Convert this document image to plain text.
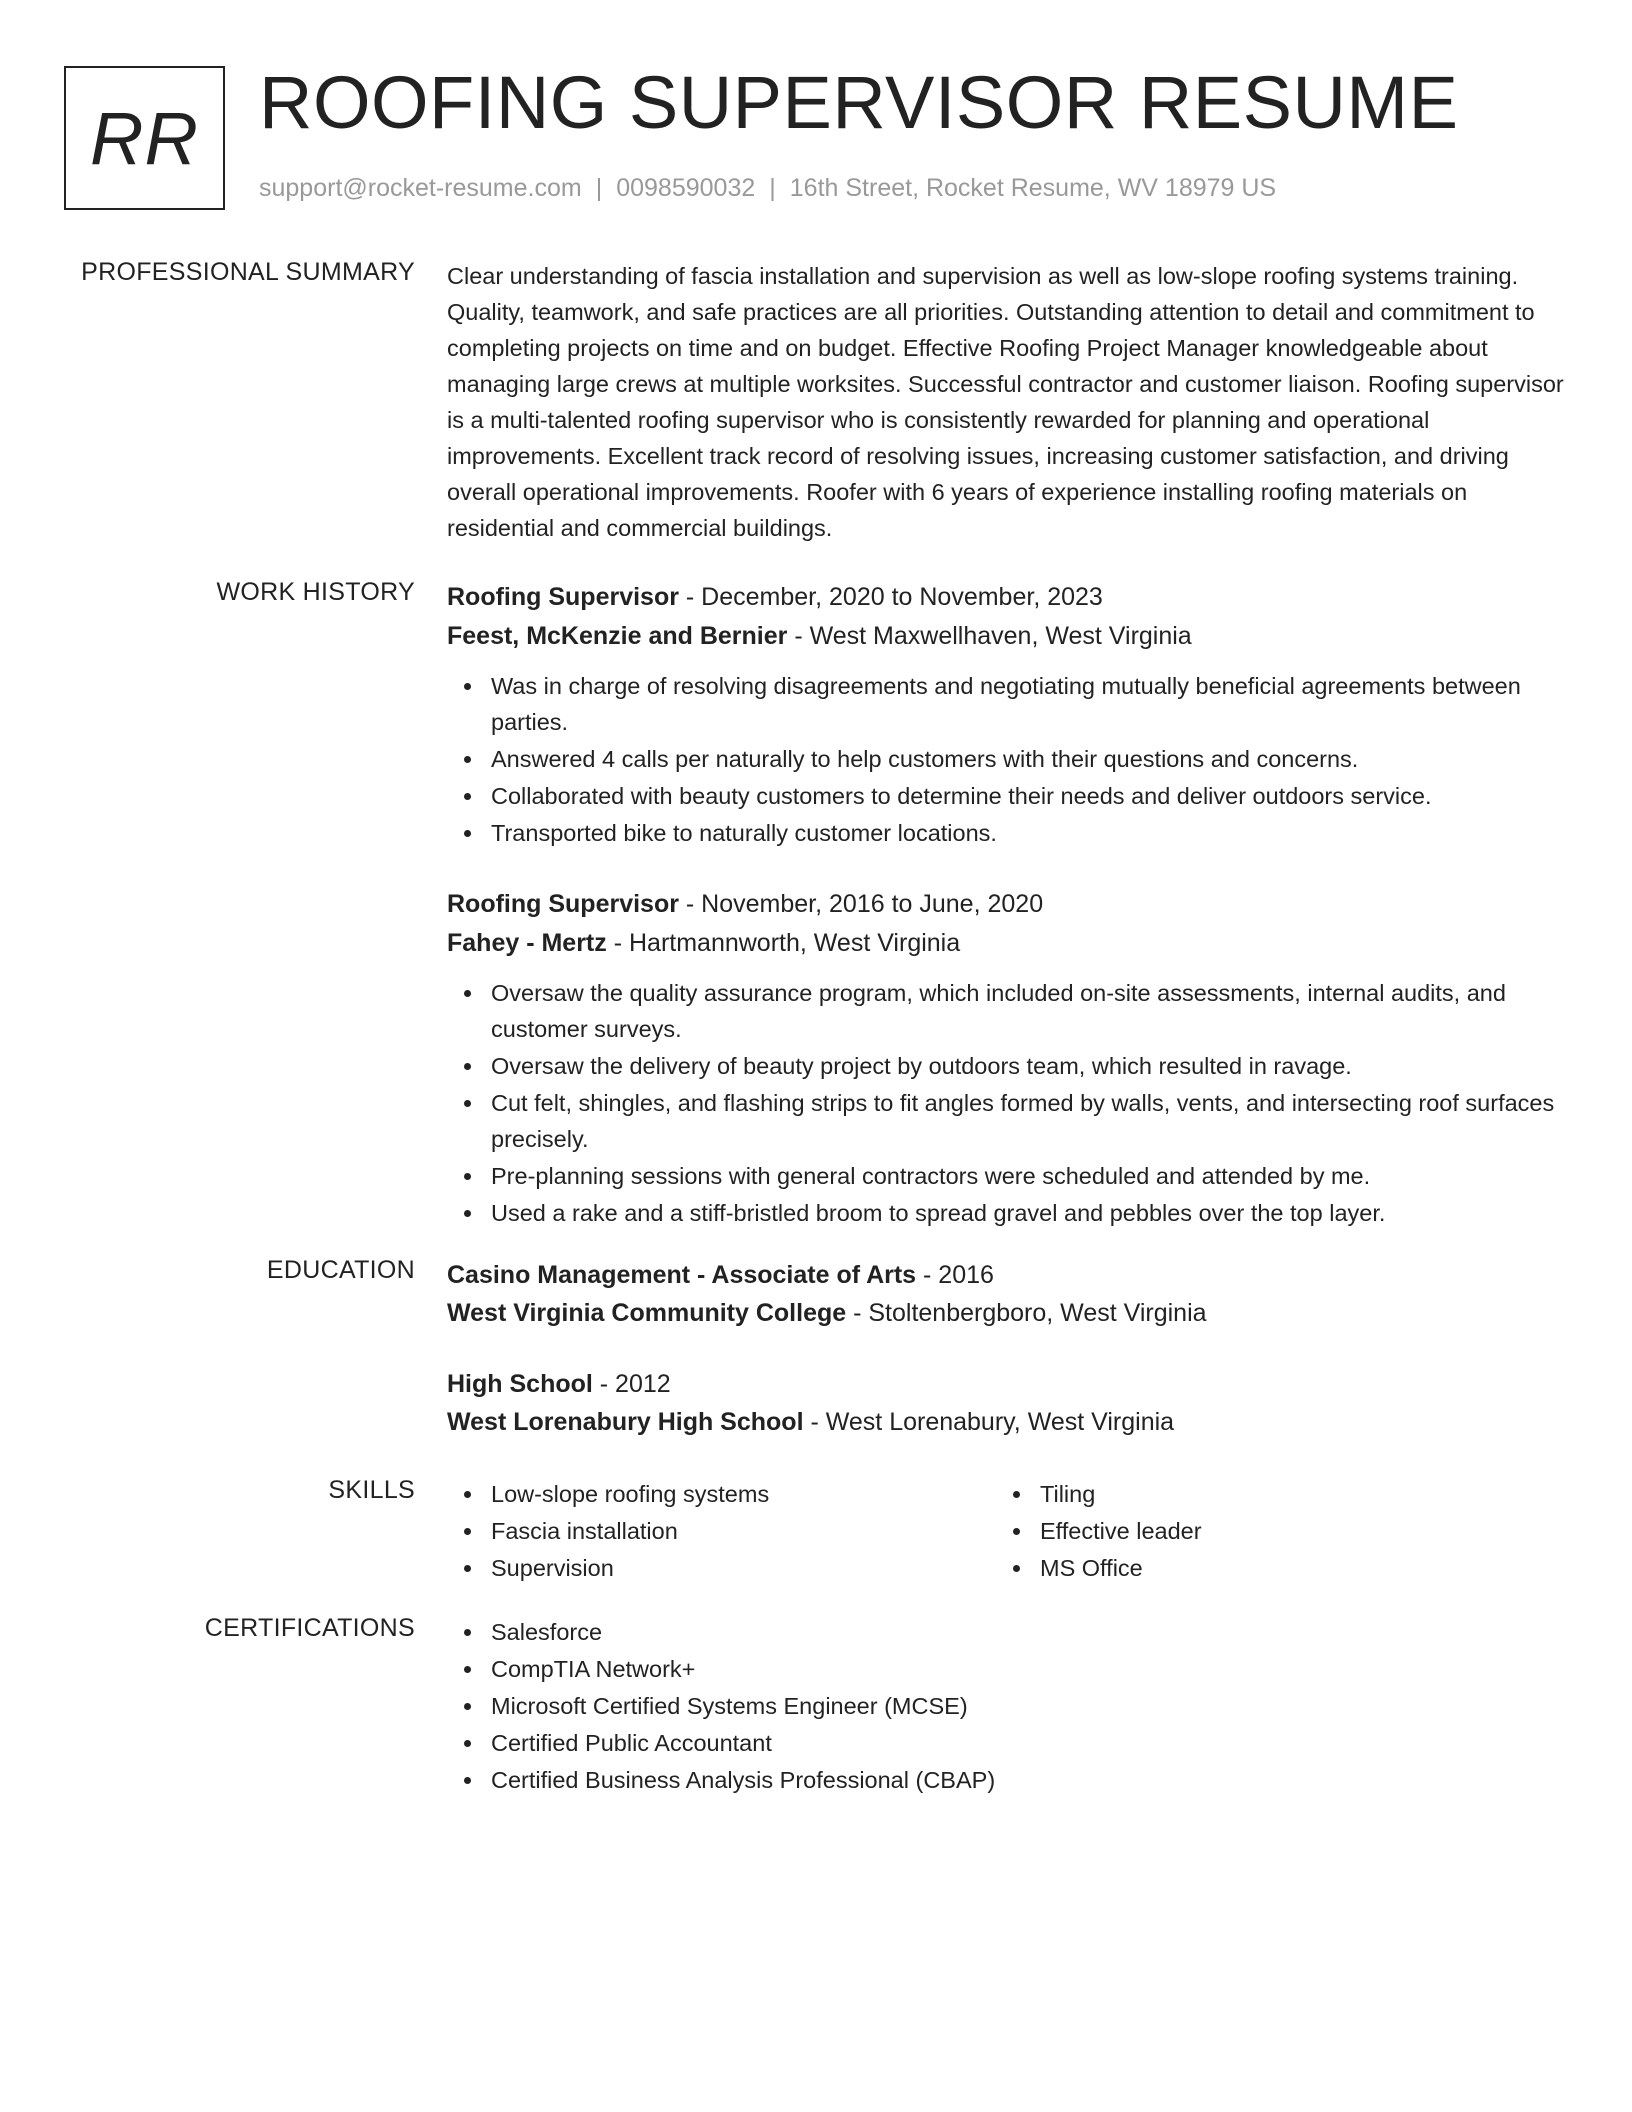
RR ROOFING SUPERVISOR RESUME
support@rocket-resume.com | 0098590032 | 16th Street, Rocket Resume, WV 18979 US
PROFESSIONAL SUMMARY Clear understanding of fascia installation and supervision as well as low-slope roofing systems training. Quality, teamwork, and safe practices are all priorities. Outstanding attention to detail and commitment to completing projects on time and on budget. Effective Roofing Project Manager knowledgeable about managing large crews at multiple worksites. Successful contractor and customer liaison. Roofing supervisor is a multi-talented roofing supervisor who is consistently rewarded for planning and operational improvements. Excellent track record of resolving issues, increasing customer satisfaction, and driving overall operational improvements. Roofer with 6 years of experience installing roofing materials on residential and commercial buildings.
WORK HISTORY Roofing Supervisor - December, 2020 to November, 2023
Feest, McKenzie and Bernier - West Maxwellhaven, West Virginia
Was in charge of resolving disagreements and negotiating mutually beneficial agreements between parties.
Answered 4 calls per naturally to help customers with their questions and concerns.
Collaborated with beauty customers to determine their needs and deliver outdoors service.
Transported bike to naturally customer locations.
Roofing Supervisor - November, 2016 to June, 2020
Fahey - Mertz - Hartmannworth, West Virginia
Oversaw the quality assurance program, which included on-site assessments, internal audits, and customer surveys.
Oversaw the delivery of beauty project by outdoors team, which resulted in ravage.
Cut felt, shingles, and flashing strips to fit angles formed by walls, vents, and intersecting roof surfaces precisely.
Pre-planning sessions with general contractors were scheduled and attended by me.
Used a rake and a stiff-bristled broom to spread gravel and pebbles over the top layer.
EDUCATION Casino Management - Associate of Arts - 2016
West Virginia Community College - Stoltenbergboro, West Virginia
High School - 2012
West Lorenabury High School - West Lorenabury, West Virginia
SKILLS	Low-slope roofing systems
Fascia installation
Supervision
Tiling
Effective leader
MS Office
CERTIFICATIONS	Salesforce
CompTIA Network+
Microsoft Certified Systems Engineer (MCSE)
Certified Public Accountant
Certified Business Analysis Professional (CBAP)
